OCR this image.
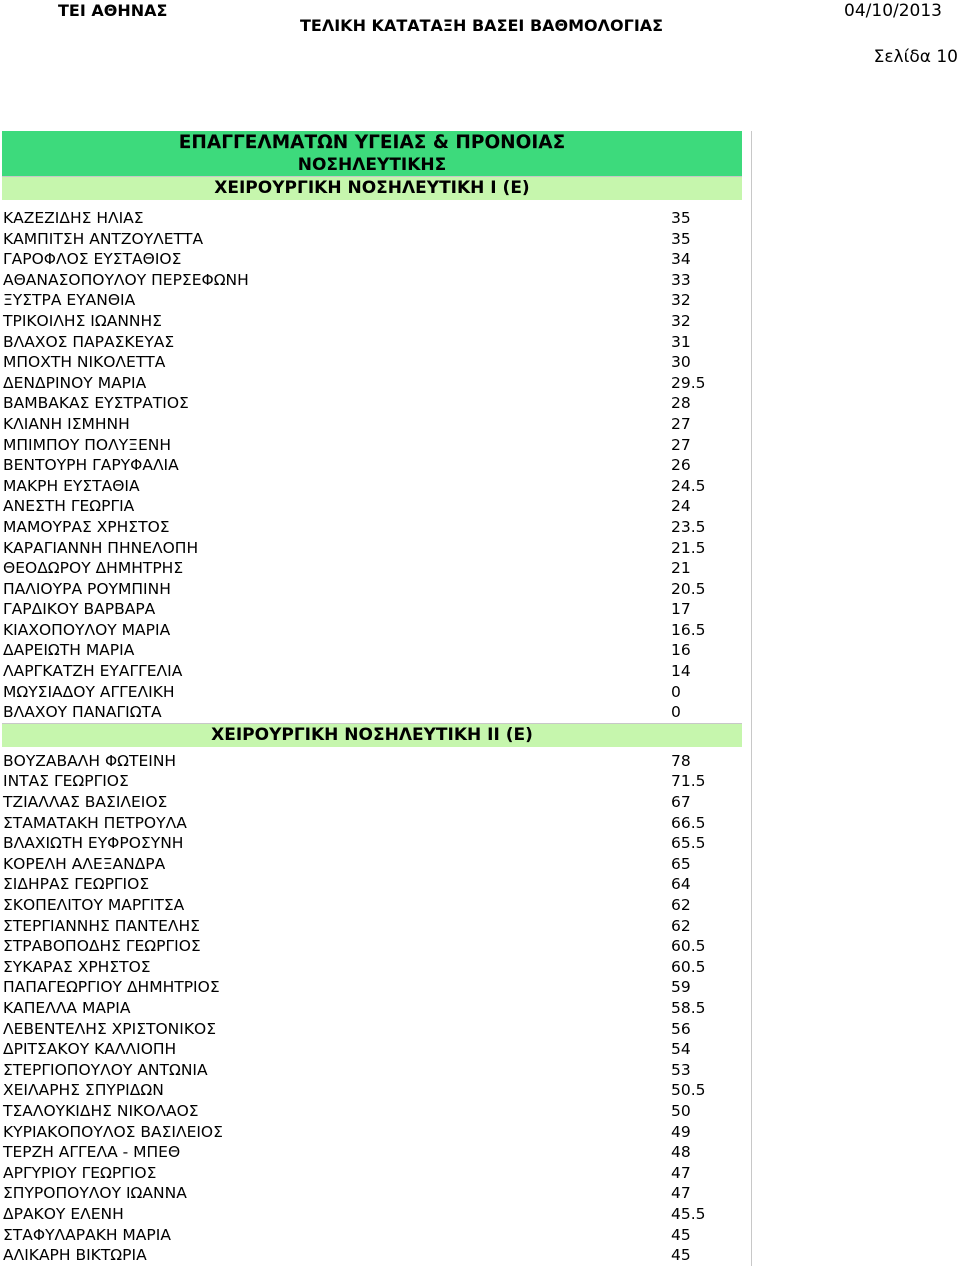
ΤΕΙ ΑΘΗΝΑΣ
ΤΕΛΙΚΗ ΚΑΤΑΤΑΞΗ ΒΑΣΕΙ ΒΑΘΜΟΛΟΓΙΑΣ
04/10/2013
Σελίδα 10
ΕΠΑΓΓΕΛΜΑΤΩΝ ΥΓΕΙΑΣ & ΠΡΟΝΟΙΑΣ
ΝΟΣΗΛΕΥΤΙΚΗΣ
ΧΕΙΡΟΥΡΓΙΚΗ ΝΟΣΗΛΕΥΤΙΚΗ Ι (Ε)
ΚΑΖΕΖΙΔΗΣ ΗΛΙΑΣ	35
ΚΑΜΠΙΤΣΗ ΑΝΤΖΟΥΛΕΤΤΑ	35
ΓΑΡΟΦΛΟΣ ΕΥΣΤΑΘΙΟΣ	34
ΑΘΑΝΑΣΟΠΟΥΛΟΥ ΠΕΡΣΕΦΩΝΗ	33
ΞΥΣΤΡΑ ΕΥΑΝΘΙΑ	32
ΤΡΙΚΟΙΛΗΣ ΙΩΑΝΝΗΣ	32
ΒΛΑΧΟΣ ΠΑΡΑΣΚΕΥΑΣ	31
ΜΠΟΧΤΗ ΝΙΚΟΛΕΤΤΑ	30
ΔΕΝΔΡΙΝΟΥ ΜΑΡΙΑ	29.5
ΒΑΜΒΑΚΑΣ ΕΥΣΤΡΑΤΙΟΣ	28
ΚΛΙΑΝΗ ΙΣΜΗΝΗ	27
ΜΠΙΜΠΟΥ ΠΟΛΥΞΕΝΗ	27
ΒΕΝΤΟΥΡΗ ΓΑΡΥΦΑΛΙΑ	26
ΜΑΚΡΗ ΕΥΣΤΑΘΙΑ	24.5
ΑΝΕΣΤΗ ΓΕΩΡΓΙΑ	24
ΜΑΜΟΥΡΑΣ ΧΡΗΣΤΟΣ	23.5
ΚΑΡΑΓΙΑΝΝΗ ΠΗΝΕΛΟΠΗ	21.5
ΘΕΟΔΩΡΟΥ ΔΗΜΗΤΡΗΣ	21
ΠΑΛΙΟΥΡΑ ΡΟΥΜΠΙΝΗ	20.5
ΓΑΡΔΙΚΟΥ ΒΑΡΒΑΡΑ	17
ΚΙΑΧΟΠΟΥΛΟΥ ΜΑΡΙΑ	16.5
ΔΑΡΕΙΩΤΗ ΜΑΡΙΑ	16
ΛΑΡΓΚΑΤΖΗ ΕΥΑΓΓΕΛΙΑ	14
ΜΩΥΣΙΑΔΟΥ ΑΓΓΕΛΙΚΗ	0
ΒΛΑΧΟΥ ΠΑΝΑΓΙΩΤΑ	0
ΧΕΙΡΟΥΡΓΙΚΗ ΝΟΣΗΛΕΥΤΙΚΗ ΙΙ (Ε)
ΒΟΥΖΑΒΑΛΗ ΦΩΤΕΙΝΗ	78
ΙΝΤΑΣ ΓΕΩΡΓΙΟΣ	71.5
ΤΖΙΑΛΛΑΣ ΒΑΣΙΛΕΙΟΣ	67
ΣΤΑΜΑΤΑΚΗ ΠΕΤΡΟΥΛΑ	66.5
ΒΛΑΧΙΩΤΗ ΕΥΦΡΟΣΥΝΗ	65.5
ΚΟΡΕΛΗ ΑΛΕΞΑΝΔΡΑ	65
ΣΙΔΗΡΑΣ ΓΕΩΡΓΙΟΣ	64
ΣΚΟΠΕΛΙΤΟΥ ΜΑΡΓΙΤΣΑ	62
ΣΤΕΡΓΙΑΝΝΗΣ ΠΑΝΤΕΛΗΣ	62
ΣΤΡΑΒΟΠΟΔΗΣ ΓΕΩΡΓΙΟΣ	60.5
ΣΥΚΑΡΑΣ ΧΡΗΣΤΟΣ	60.5
ΠΑΠΑΓΕΩΡΓΙΟΥ ΔΗΜΗΤΡΙΟΣ	59
ΚΑΠΕΛΛΑ ΜΑΡΙΑ	58.5
ΛΕΒΕΝΤΕΛΗΣ ΧΡΙΣΤΟΝΙΚΟΣ	56
ΔΡΙΤΣΑΚΟΥ ΚΑΛΛΙΟΠΗ	54
ΣΤΕΡΓΙΟΠΟΥΛΟΥ ΑΝΤΩΝΙΑ	53
ΧΕΙΛΑΡΗΣ ΣΠΥΡΙΔΩΝ	50.5
ΤΣΑΛΟΥΚΙΔΗΣ ΝΙΚΟΛΑΟΣ	50
ΚΥΡΙΑΚΟΠΟΥΛΟΣ ΒΑΣΙΛΕΙΟΣ	49
ΤΕΡΖΗ ΑΓΓΕΛΑ - ΜΠΕΘ	48
ΑΡΓΥΡΙΟΥ ΓΕΩΡΓΙΟΣ	47
ΣΠΥΡΟΠΟΥΛΟΥ ΙΩΑΝΝΑ	47
ΔΡΑΚΟΥ ΕΛΕΝΗ	45.5
ΣΤΑΦΥΛΑΡΑΚΗ ΜΑΡΙΑ	45
ΑΛΙΚΑΡΗ ΒΙΚΤΩΡΙΑ	45
